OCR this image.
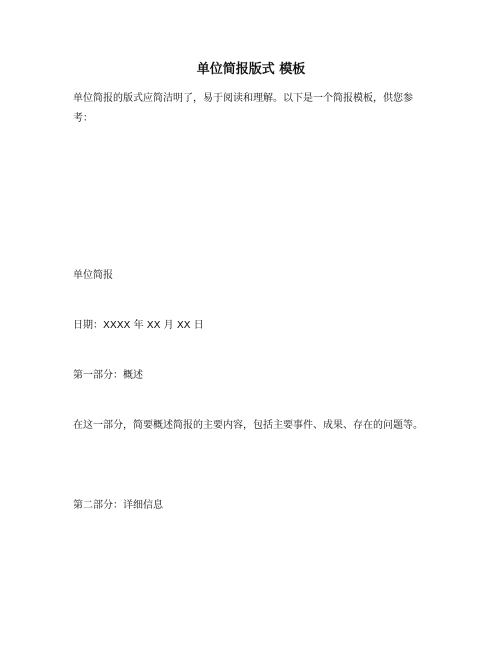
单位简报版式 模板

单位简报的版式应简洁明了，易于阅读和理解。以下是一个简报模板，供您参考：

单位简报

日期：XXXX 年 XX 月 XX 日

第一部分：概述

在这一部分，简要概述简报的主要内容，包括主要事件、成果、存在的问题等。

第二部分：详细信息
